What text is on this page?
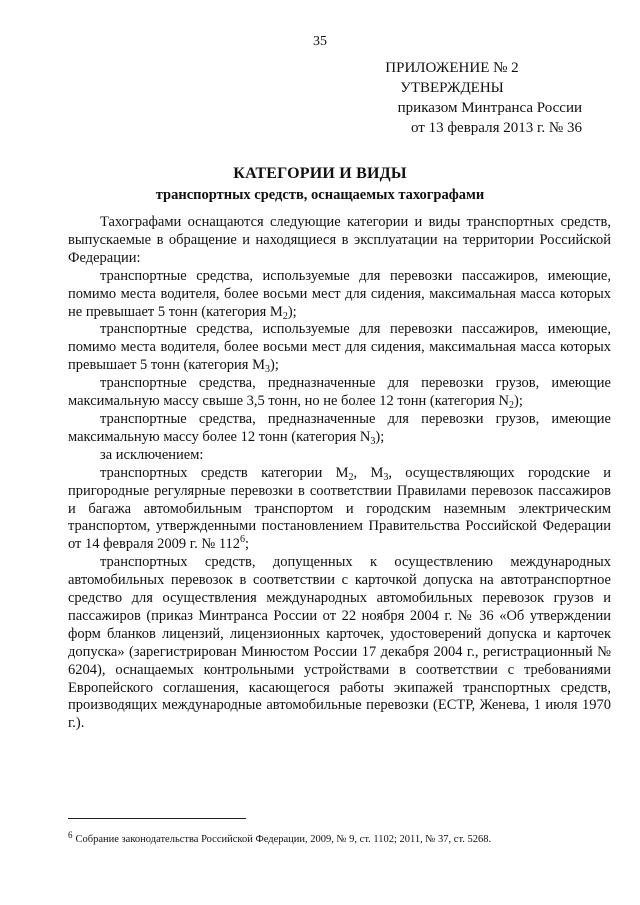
35
ПРИЛОЖЕНИЕ № 2
УТВЕРЖДЕНЫ
приказом Минтранса России
от 13 февраля 2013 г. № 36
КАТЕГОРИИ И ВИДЫ
транспортных средств, оснащаемых тахографами

Тахографами оснащаются следующие категории и виды транспортных средств, выпускаемые в обращение и находящиеся в эксплуатации на территории Российской Федерации:

транспортные средства, используемые для перевозки пассажиров, имеющие, помимо места водителя, более восьми мест для сидения, максимальная масса которых не превышает 5 тонн (категория $M_2$);

транспортные средства, используемые для перевозки пассажиров, имеющие, помимо места водителя, более восьми мест для сидения, максимальная масса которых превышает 5 тонн (категория $M_3$);

транспортные средства, предназначенные для перевозки грузов, имеющие максимальную массу свыше 3,5 тонн, но не более 12 тонн (категория $N_2$);

транспортные средства, предназначенные для перевозки грузов, имеющие максимальную массу более 12 тонн (категория $N_3$);

за исключением:

транспортных средств категории $M_2$, $M_3$, осуществляющих городские и пригородные регулярные перевозки в соответствии Правилами перевозок пассажиров и багажа автомобильным транспортом и городским наземным электрическим транспортом, утвержденными постановлением Правительства Российской Федерации от 14 февраля 2009 г. № $112^6$;

транспортных средств, допущенных к осуществлению международных автомобильных перевозок в соответствии с карточкой допуска на автотранспортное средство для осуществления международных автомобильных перевозок грузов и пассажиров (приказ Минтранса России от 22 ноября 2004 г. № 36 «Об утверждении форм бланков лицензий, лицензионных карточек, удостоверений допуска и карточек допуска» (зарегистрирован Минюстом России 17 декабря 2004 г., регистрационный № 6204), оснащаемых контрольными устройствами в соответствии с требованиями Европейского соглашения, касающегося работы экипажей транспортных средств, производящих международные автомобильные перевозки (ЕСТР, Женева, 1 июля 1970 г.).

6 Собрание законодательства Российской Федерации, 2009, № 9, ст. 1102; 2011, № 37, ст. 5268.
